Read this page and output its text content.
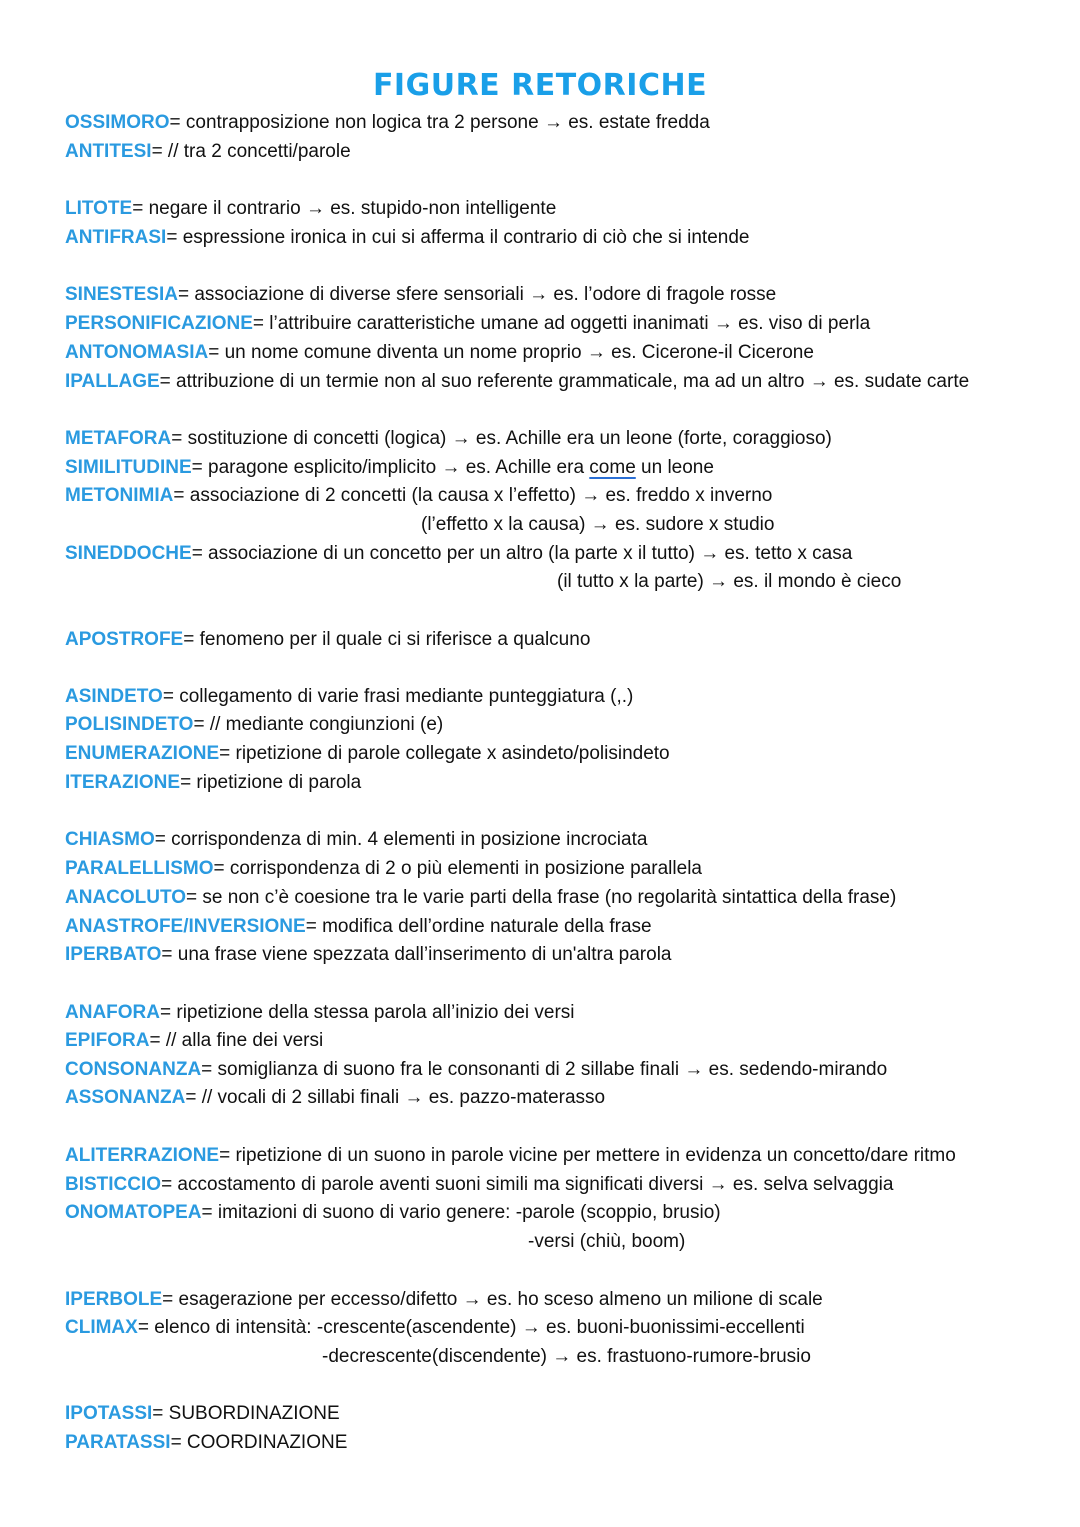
FIGURE RETORICHE
OSSIMORO= contrapposizione non logica tra 2 persone → es. estate fredda
ANTITESI= // tra 2 concetti/parole
LITOTE= negare il contrario → es. stupido-non intelligente
ANTIFRASI= espressione ironica in cui si afferma il contrario di ciò che si intende
SINESTESIA= associazione di diverse sfere sensoriali → es. l’odore di fragole rosse
PERSONIFICAZIONE= l’attribuire caratteristiche umane ad oggetti inanimati → es. viso di perla
ANTONOMASIA= un nome comune diventa un nome proprio → es. Cicerone-il Cicerone
IPALLAGE= attribuzione di un termie non al suo referente grammaticale, ma ad un altro → es. sudate carte
METAFORA= sostituzione di concetti (logica) → es. Achille era un leone (forte, coraggioso)
SIMILITUDINE= paragone esplicito/implicito → es. Achille era come un leone
METONIMIA= associazione di 2 concetti (la causa x l’effetto) → es. freddo x inverno
(l’effetto x la causa) → es. sudore x studio
SINEDDOCHE= associazione di un concetto per un altro (la parte x il tutto) → es. tetto x casa
(il tutto x la parte) → es. il mondo è cieco
APOSTROFE= fenomeno per il quale ci si riferisce a qualcuno
ASINDETO= collegamento di varie frasi mediante punteggiatura (,.)
POLISINDETO= // mediante congiunzioni (e)
ENUMERAZIONE= ripetizione di parole collegate x asindeto/polisindeto
ITERAZIONE= ripetizione di parola
CHIASMO= corrispondenza di min. 4 elementi in posizione incrociata
PARALELLISMO= corrispondenza di 2 o più elementi in posizione parallela
ANACOLUTO= se non c’è coesione tra le varie parti della frase (no regolarità sintattica della frase)
ANASTROFE/INVERSIONE= modifica dell’ordine naturale della frase
IPERBATO= una frase viene spezzata dall’inserimento di un'altra parola
ANAFORA= ripetizione della stessa parola all’inizio dei versi
EPIFORA= // alla fine dei versi
CONSONANZA= somiglianza di suono fra le consonanti di 2 sillabe finali → es. sedendo-mirando
ASSONANZA= // vocali di 2 sillabi finali → es. pazzo-materasso
ALITERRAZIONE= ripetizione di un suono in parole vicine per mettere in evidenza un concetto/dare ritmo
BISTICCIO= accostamento di parole aventi suoni simili ma significati diversi → es. selva selvaggia
ONOMATOPEA= imitazioni di suono di vario genere: -parole (scoppio, brusio)
-versi (chiù, boom)
IPERBOLE= esagerazione per eccesso/difetto → es. ho sceso almeno un milione di scale
CLIMAX= elenco di intensità: -crescente(ascendente) → es. buoni-buonissimi-eccellenti
-decrescente(discendente) → es. frastuono-rumore-brusio
IPOTASSI= SUBORDINAZIONE
PARATASSI= COORDINAZIONE
